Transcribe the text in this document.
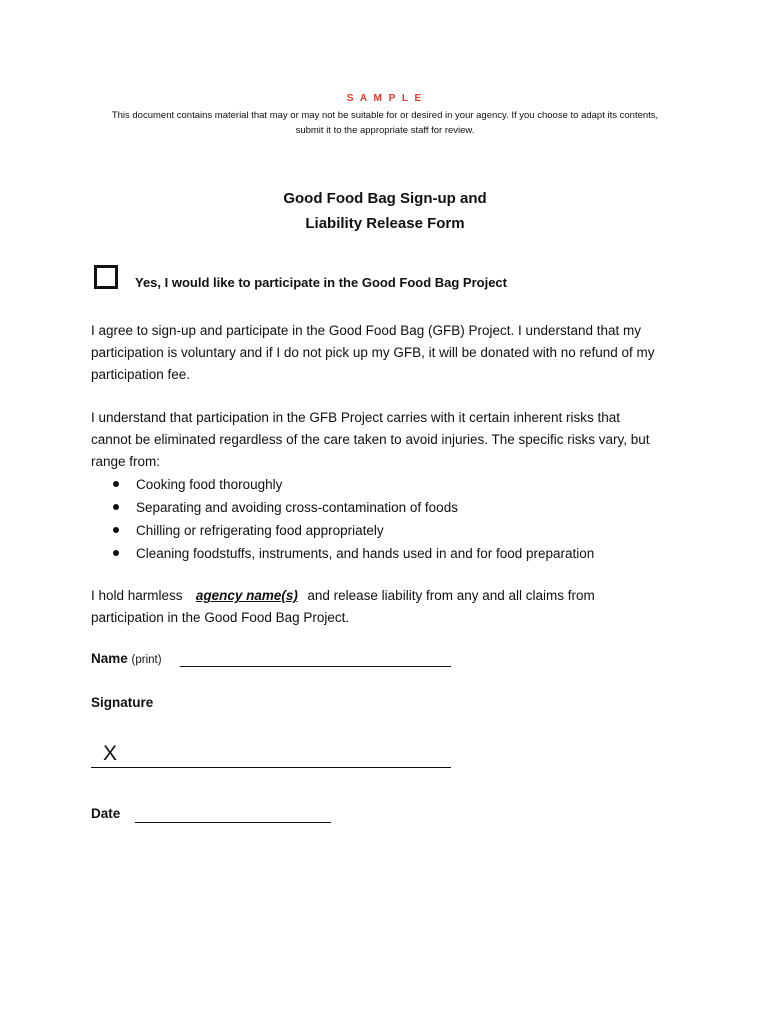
S A M P L E
This document contains material that may or may not be suitable for or desired in your agency. If you choose to adapt its contents,
submit it to the appropriate staff for review.
Good Food Bag Sign-up and
Liability Release Form
Yes, I would like to participate in the Good Food Bag Project
I agree to sign-up and participate in the Good Food Bag (GFB) Project. I understand that my
participation is voluntary and if I do not pick up my GFB, it will be donated with no refund of my
participation fee.
I understand that participation in the GFB Project carries with it certain inherent risks that
cannot be eliminated regardless of the care taken to avoid injuries. The specific risks vary, but
range from:
Cooking food thoroughly
Separating and avoiding cross-contamination of foods
Chilling or refrigerating food appropriately
Cleaning foodstuffs, instruments, and hands used in and for food preparation
I hold harmless agency name(s) and release liability from any and all claims from
participation in the Good Food Bag Project.
Name (print)
Signature
X
Date
